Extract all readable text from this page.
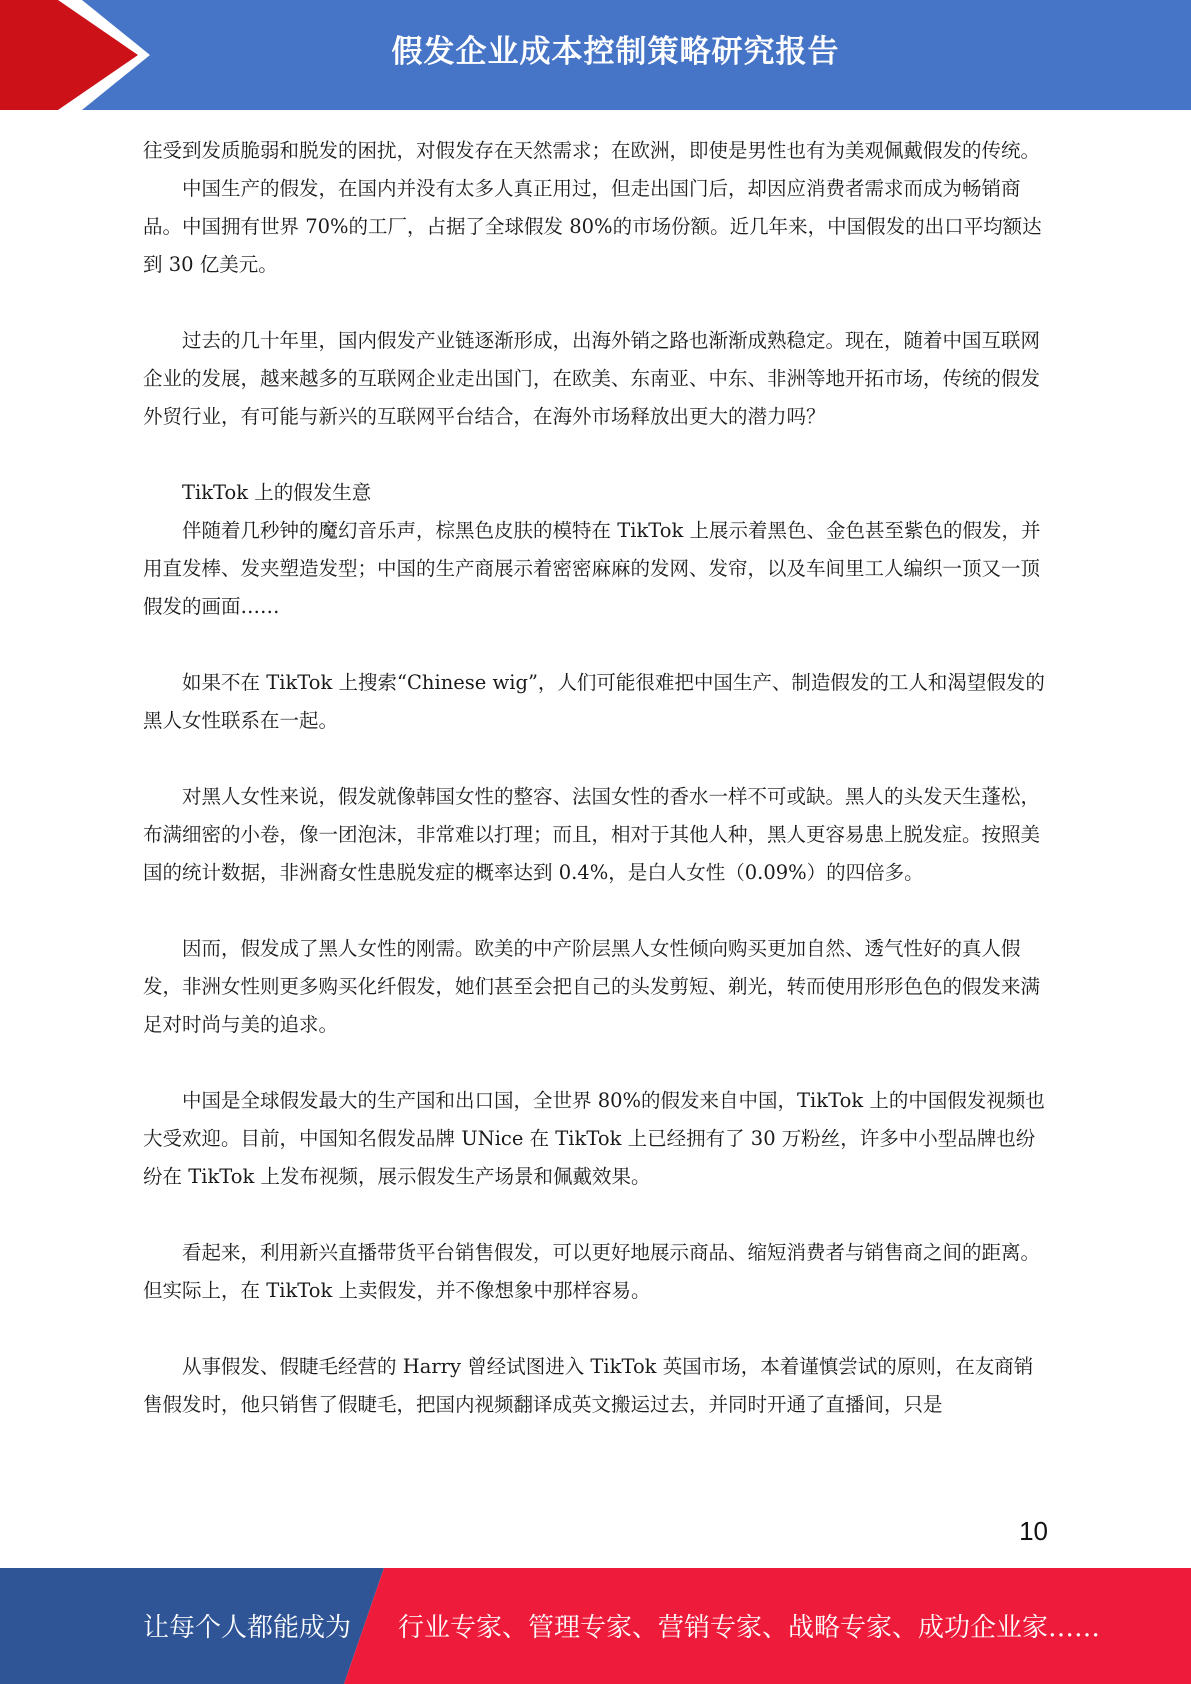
假发企业成本控制策略研究报告

往受到发质脆弱和脱发的困扰，对假发存在天然需求；在欧洲，即使是男性也有为美观佩戴假发的传统。

中国生产的假发，在国内并没有太多人真正用过，但走出国门后，却因应消费者需求而成为畅销商品。中国拥有世界 70%的工厂，占据了全球假发 80%的市场份额。近几年来，中国假发的出口平均额达到 30 亿美元。

过去的几十年里，国内假发产业链逐渐形成，出海外销之路也渐渐成熟稳定。现在，随着中国互联网企业的发展，越来越多的互联网企业走出国门，在欧美、东南亚、中东、非洲等地开拓市场，传统的假发外贸行业，有可能与新兴的互联网平台结合，在海外市场释放出更大的潜力吗？

TikTok 上的假发生意

伴随着几秒钟的魔幻音乐声，棕黑色皮肤的模特在 TikTok 上展示着黑色、金色甚至紫色的假发，并用直发棒、发夹塑造发型；中国的生产商展示着密密麻麻的发网、发帘，以及车间里工人编织一顶又一顶假发的画面……

如果不在 TikTok 上搜索“Chinese wig”，人们可能很难把中国生产、制造假发的工人和渴望假发的黑人女性联系在一起。

对黑人女性来说，假发就像韩国女性的整容、法国女性的香水一样不可或缺。黑人的头发天生蓬松，布满细密的小卷，像一团泡沫，非常难以打理；而且，相对于其他人种，黑人更容易患上脱发症。按照美国的统计数据，非洲裔女性患脱发症的概率达到 0.4%，是白人女性（0.09%）的四倍多。

因而，假发成了黑人女性的刚需。欧美的中产阶层黑人女性倾向购买更加自然、透气性好的真人假发，非洲女性则更多购买化纤假发，她们甚至会把自己的头发剪短、剃光，转而使用形形色色的假发来满足对时尚与美的追求。

中国是全球假发最大的生产国和出口国，全世界 80%的假发来自中国，TikTok 上的中国假发视频也大受欢迎。目前，中国知名假发品牌 UNice 在 TikTok 上已经拥有了 30 万粉丝，许多中小型品牌也纷纷在 TikTok 上发布视频，展示假发生产场景和佩戴效果。

看起来，利用新兴直播带货平台销售假发，可以更好地展示商品、缩短消费者与销售商之间的距离。但实际上，在 TikTok 上卖假发，并不像想象中那样容易。

从事假发、假睫毛经营的 Harry 曾经试图进入 TikTok 英国市场，本着谨慎尝试的原则，在友商销售假发时，他只销售了假睫毛，把国内视频翻译成英文搬运过去，并同时开通了直播间，只是

10
让每个人都能成为 行业专家、管理专家、营销专家、战略专家、成功企业家……
